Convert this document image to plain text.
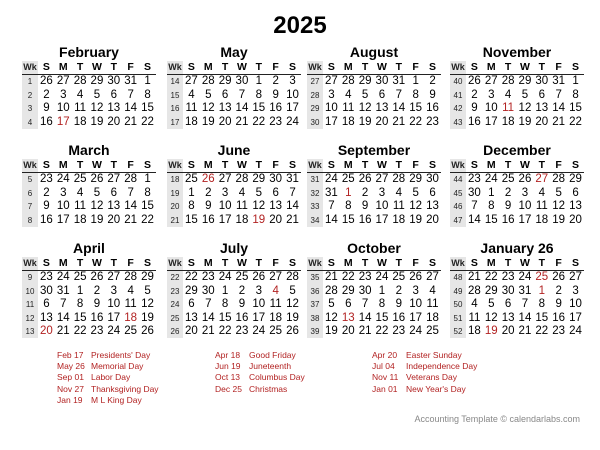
2025
February
Wk	S	M	T	W	T	F	S
1	26	27	28	29	30	31	1
2	2	3	4	5	6	7	8
3	9	10	11	12	13	14	15
4	16	17	18	19	20	21	22
May
Wk	S	M	T	W	T	F	S
14	27	28	29	30	1	2	3
15	4	5	6	7	8	9	10
16	11	12	13	14	15	16	17
17	18	19	20	21	22	23	24
August
Wk	S	M	T	W	T	F	S
27	27	28	29	30	31	1	2
28	3	4	5	6	7	8	9
29	10	11	12	13	14	15	16
30	17	18	19	20	21	22	23
November
Wk	S	M	T	W	T	F	S
40	26	27	28	29	30	31	1
41	2	3	4	5	6	7	8
42	9	10	11	12	13	14	15
43	16	17	18	19	20	21	22
March
Wk	S	M	T	W	T	F	S
5	23	24	25	26	27	28	1
6	2	3	4	5	6	7	8
7	9	10	11	12	13	14	15
8	16	17	18	19	20	21	22
June
Wk	S	M	T	W	T	F	S
18	25	26	27	28	29	30	31
19	1	2	3	4	5	6	7
20	8	9	10	11	12	13	14
21	15	16	17	18	19	20	21
September
Wk	S	M	T	W	T	F	S
31	24	25	26	27	28	29	30
32	31	1	2	3	4	5	6
33	7	8	9	10	11	12	13
34	14	15	16	17	18	19	20
December
Wk	S	M	T	W	T	F	S
44	23	24	25	26	27	28	29
45	30	1	2	3	4	5	6
46	7	8	9	10	11	12	13
47	14	15	16	17	18	19	20
April
Wk	S	M	T	W	T	F	S
9	23	24	25	26	27	28	29
10	30	31	1	2	3	4	5
11	6	7	8	9	10	11	12
12	13	14	15	16	17	18	19
13	20	21	22	23	24	25	26
July
Wk	S	M	T	W	T	F	S
22	22	23	24	25	26	27	28
23	29	30	1	2	3	4	5
24	6	7	8	9	10	11	12
25	13	14	15	16	17	18	19
26	20	21	22	23	24	25	26
October
Wk	S	M	T	W	T	F	S
35	21	22	23	24	25	26	27
36	28	29	30	1	2	3	4
37	5	6	7	8	9	10	11
38	12	13	14	15	16	17	18
39	19	20	21	22	23	24	25
January 26
Wk	S	M	T	W	T	F	S
48	21	22	23	24	25	26	27
49	28	29	30	31	1	2	3
50	4	5	6	7	8	9	10
51	11	12	13	14	15	16	17
52	18	19	20	21	22	23	24
Feb 17 Presidents' Day
May 26 Memorial Day
Sep 01 Labor Day
Nov 27 Thanksgiving Day
Jan 19 M L King Day
Apr 18 Good Friday
Jun 19 Juneteenth
Oct 13 Columbus Day
Dec 25 Christmas
Apr 20 Easter Sunday
Jul 04 Independence Day
Nov 11 Veterans Day
Jan 01 New Year's Day
Accounting Template © calendarlabs.com
